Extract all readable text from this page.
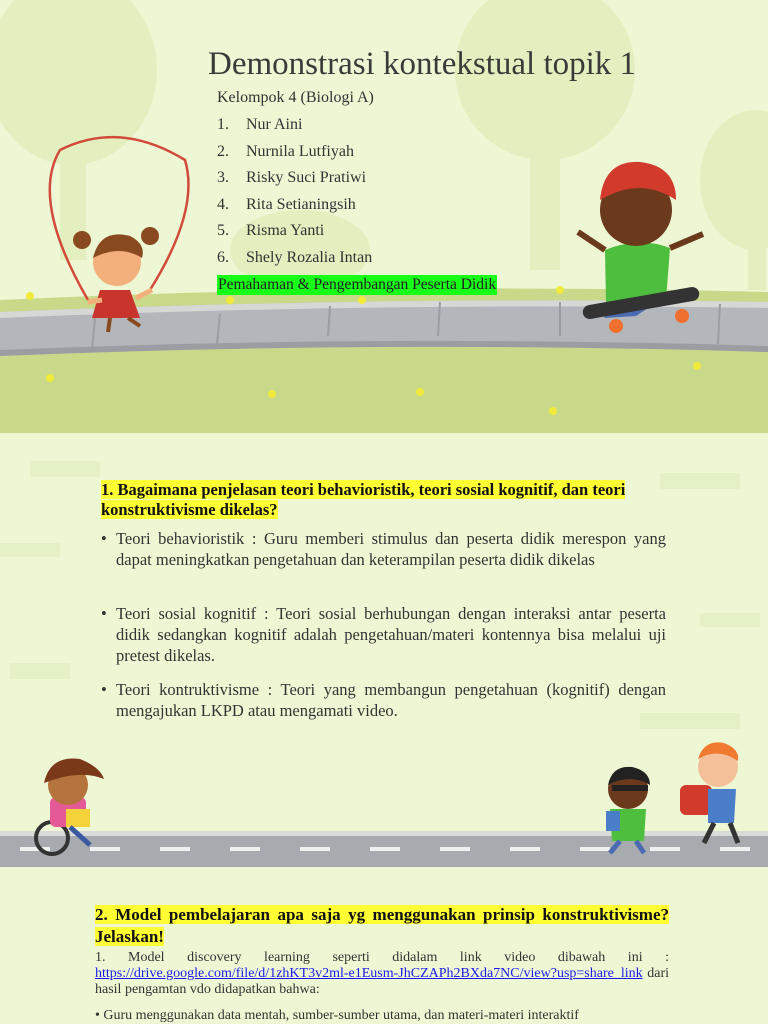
Demonstrasi kontekstual topik 1
Kelompok 4 (Biologi A)
1.	Nur Aini
2.	Nurnila Lutfiyah
3.	Risky Suci Pratiwi
4.	Rita Setianingsih
5.	Risma Yanti
6.	Shely Rozalia Intan
Pemahaman & Pengembangan Peserta Didik
1. Bagaimana penjelasan teori behavioristik, teori sosial kognitif, dan teori konstruktivisme dikelas?
• Teori behavioristik : Guru memberi stimulus dan peserta didik merespon yang dapat meningkatkan pengetahuan dan keterampilan peserta didik dikelas
• Teori sosial kognitif : Teori sosial berhubungan dengan interaksi antar peserta didik sedangkan kognitif adalah pengetahuan/materi kontennya bisa melalui uji pretest dikelas.
• Teori kontruktivisme : Teori yang membangun pengetahuan (kognitif) dengan mengajukan LKPD atau mengamati video.
2. Model pembelajaran apa saja yg menggunakan prinsip konstruktivisme? Jelaskan!
1. Model discovery learning seperti didalam link video dibawah ini : https://drive.google.com/file/d/1zhKT3v2ml-e1Eusm-JhCZAPh2BXda7NC/view?usp=share_link dari hasil pengamtan vdo didapatkan bahwa:
• Guru menggunakan data mentah, sumber-sumber utama, dan materi-materi interaktif
